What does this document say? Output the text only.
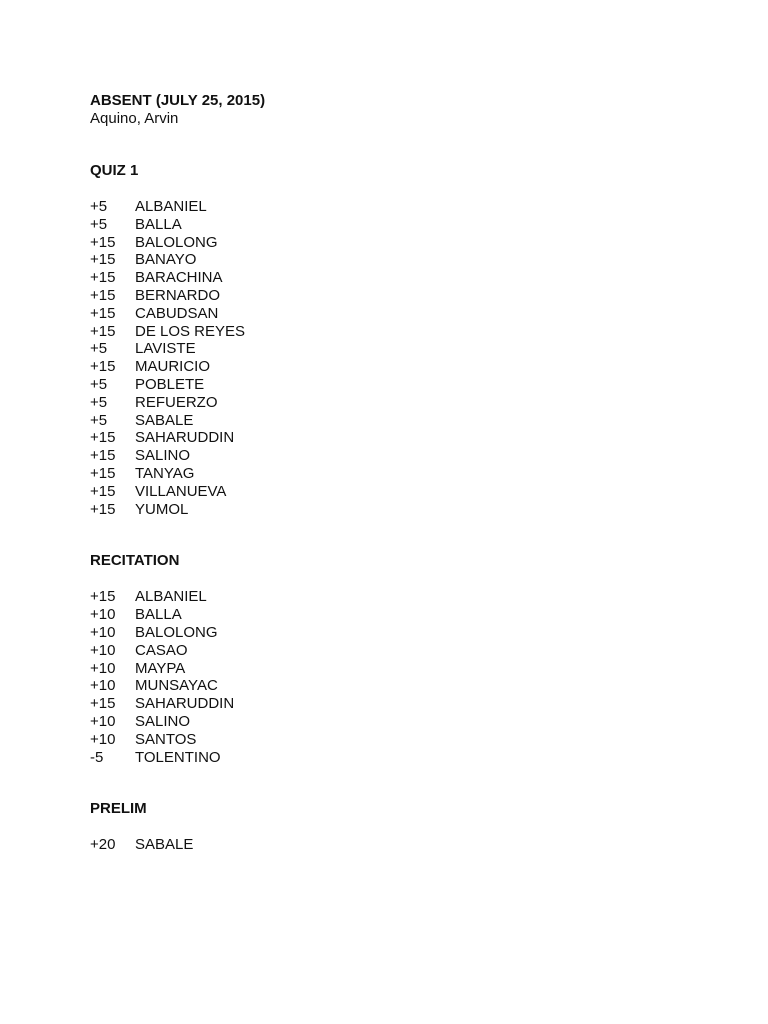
ABSENT (JULY 25, 2015)

Aquino, Arvin

QUIZ 1

+5	ALBANIEL
+5	BALLA
+15	BALOLONG
+15	BANAYO
+15	BARACHINA
+15	BERNARDO
+15	CABUDSAN
+15	DE LOS REYES
+5	LAVISTE
+15	MAURICIO
+5	POBLETE
+5	REFUERZO
+5	SABALE
+15	SAHARUDDIN
+15	SALINO
+15	TANYAG
+15	VILLANUEVA
+15	YUMOL

RECITATION

+15	ALBANIEL
+10	BALLA
+10	BALOLONG
+10	CASAO
+10	MAYPA
+10	MUNSAYAC
+15	SAHARUDDIN
+10	SALINO
+10	SANTOS
-5	TOLENTINO

PRELIM

+20	SABALE
